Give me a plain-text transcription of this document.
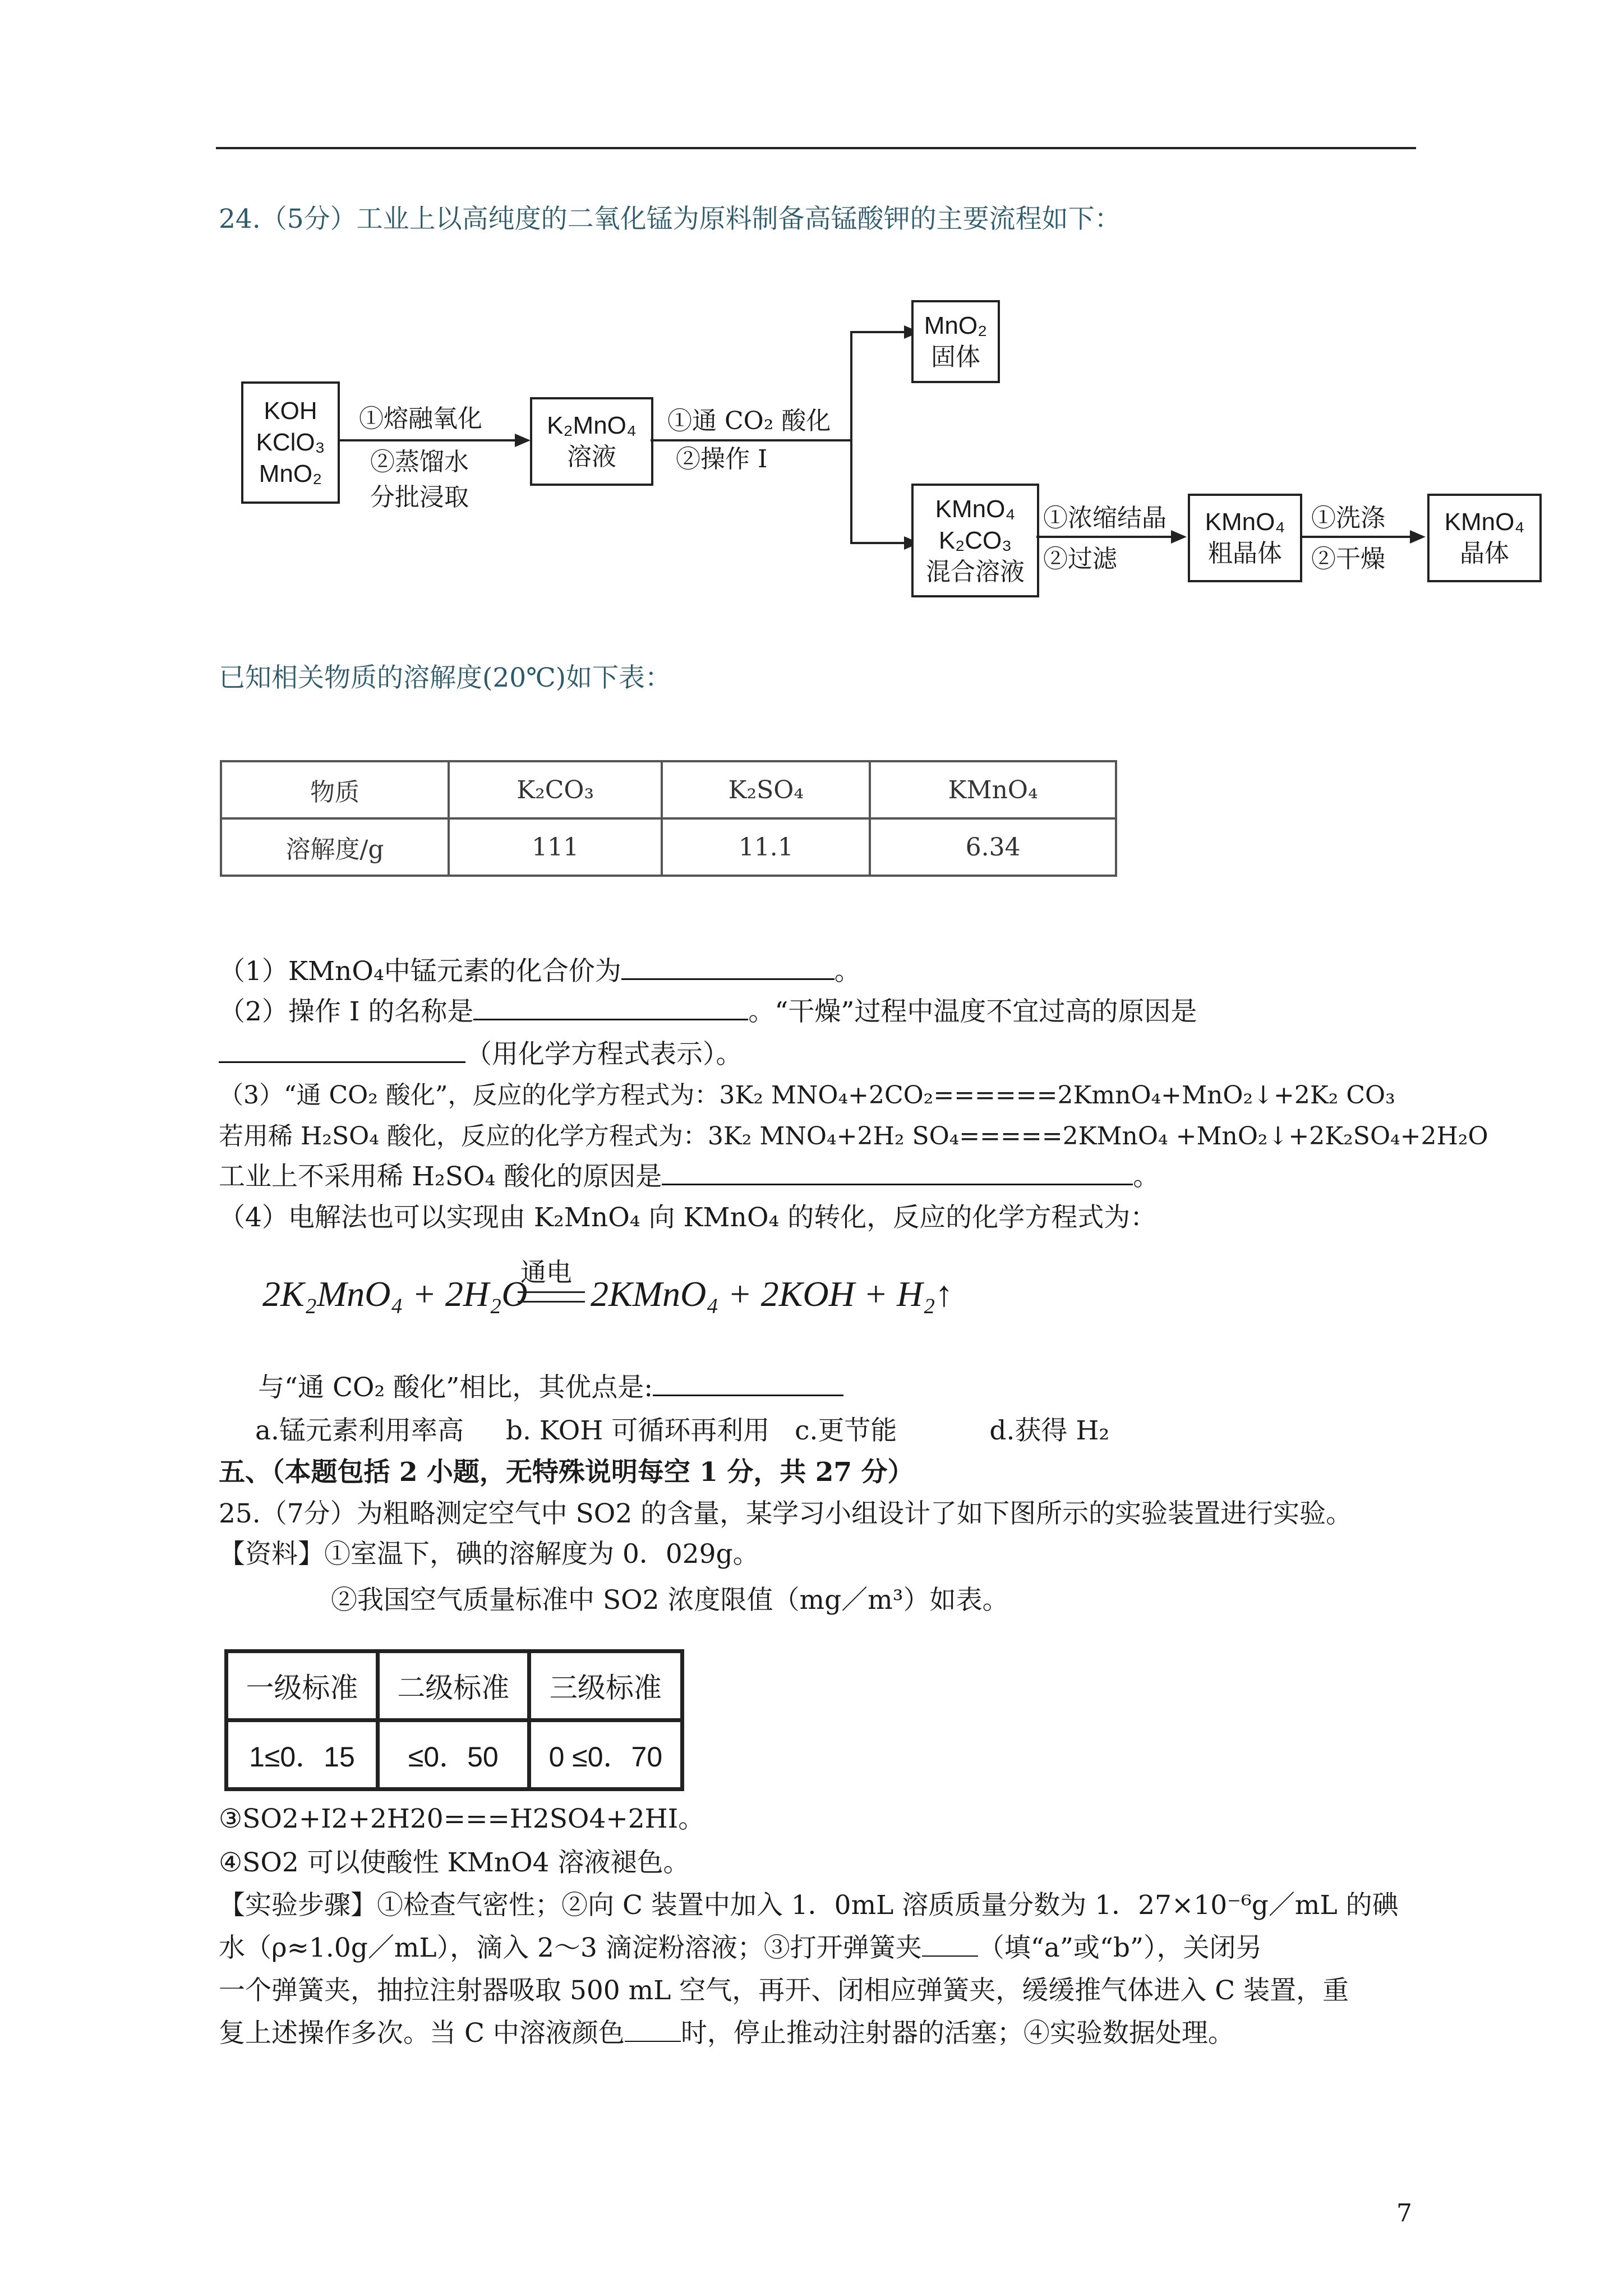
24.（5分）工业上以高纯度的二氧化锰为原料制备高锰酸钾的主要流程如下：
KOH
KClO₃
MnO₂
①熔融氧化
②蒸馏水
分批浸取
K₂MnO₄
溶液
①通 CO₂ 酸化
②操作 I
MnO₂
固体
KMnO₄
K₂CO₃
混合溶液
①浓缩结晶
②过滤
KMnO₄
粗晶体
①洗涤
②干燥
KMnO₄
晶体
已知相关物质的溶解度(20℃)如下表：
物质	K₂CO₃	K₂SO₄	KMnO₄
溶解度/g	111	11.1	6.34
（1）KMnO₄中锰元素的化合价为	。
（2）操作 I 的名称是	。“干燥”过程中温度不宜过高的原因是
（用化学方程式表示）。
（3）“通 CO₂ 酸化”，反应的化学方程式为：3K₂ MNO₄+2CO₂======2KmnO₄+MnO₂↓+2K₂ CO₃
若用稀 H₂SO₄ 酸化，反应的化学方程式为：3K₂ MNO₄+2H₂ SO₄=====2KMnO₄ +MnO₂↓+2K₂SO₄+2H₂O
工业上不采用稀 H₂SO₄ 酸化的原因是	。
（4）电解法也可以实现由 K₂MnO₄ 向 KMnO₄ 的转化，反应的化学方程式为：
2K₂MnO₄ + 2H₂O
通电
2KMnO₄ + 2KOH + H₂↑
与“通 CO₂ 酸化”相比，其优点是:
a.锰元素利用率高 b. KOH 可循环再利用 c.更节能	d.获得 H₂
五、（本题包括 2 小题，无特殊说明每空 1 分，共 27 分）
25.（7分）为粗略测定空气中 SO2 的含量，某学习小组设计了如下图所示的实验装置进行实验。
【资料】①室温下，碘的溶解度为 0．029g。
②我国空气质量标准中 SO2 浓度限值（mg／m³）如表。
一级标准	二级标准	三级标准
1≤0．15	≤0．50	0 ≤0．70
③SO2+I2+2H20===H2SO4+2HI。
④SO2 可以使酸性 KMnO4 溶液褪色。
【实验步骤】①检查气密性；②向 C 装置中加入 1．0mL 溶质质量分数为 1．27×10⁻⁶g／mL 的碘
水（ρ≈1.0g／mL），滴入 2～3 滴淀粉溶液；③打开弹簧夹 （填“a”或“b”），关闭另
一个弹簧夹，抽拉注射器吸取 500 mL 空气，再开、闭相应弹簧夹，缓缓推气体进入 C 装置，重
复上述操作多次。当 C 中溶液颜色 时，停止推动注射器的活塞；④实验数据处理。
7
